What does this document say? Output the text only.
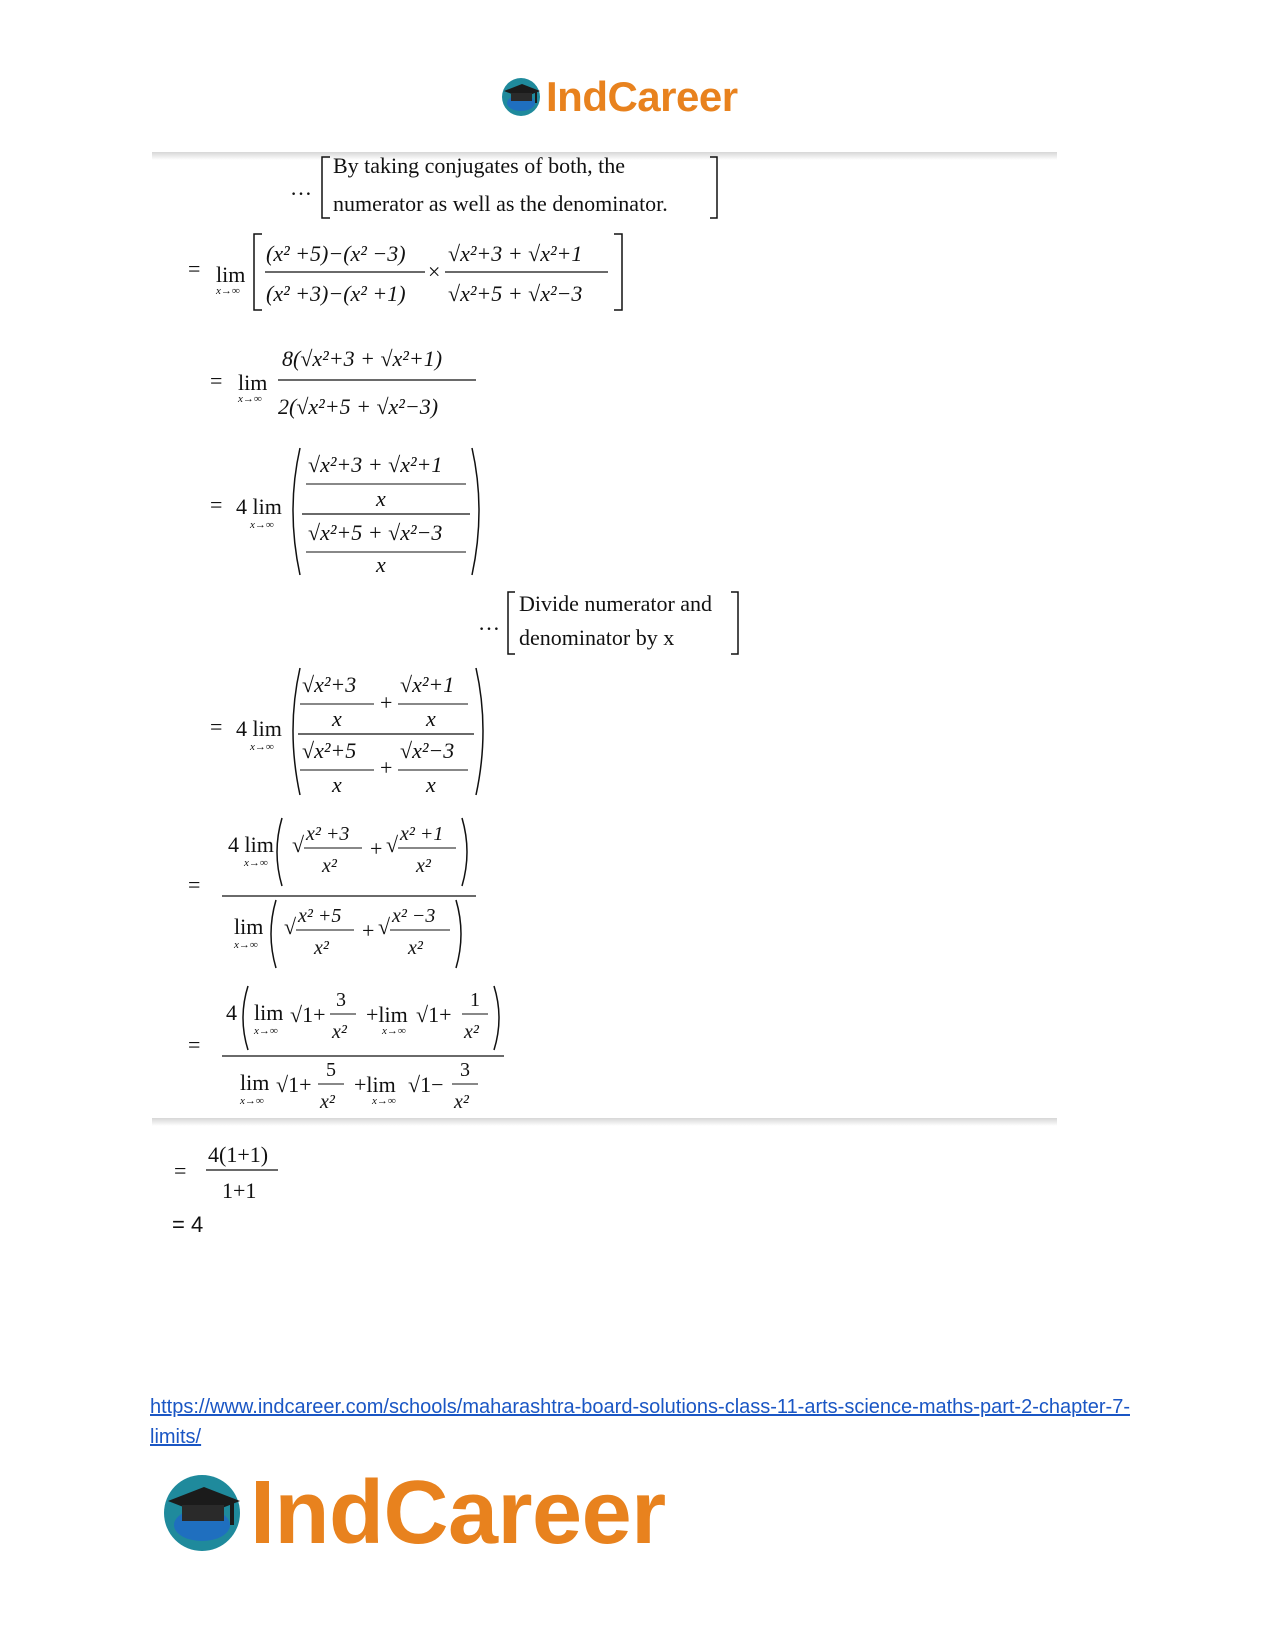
IndCareer
…
By taking conjugates of both, the
numerator as well as the denominator.
= lim
x→∞
(x² +5)−(x² −3)
(x² +3)−(x² +1)
×
√x²+3 + √x²+1
√x²+5 + √x²−3
= lim
x→∞
8(√x²+3 + √x²+1)
2(√x²+5 + √x²−3)
= 4 lim
x→∞
√x²+3 + √x²+1
x
√x²+5 + √x²−3
x
…
Divide numerator and
denominator by x
= 4 lim
x→∞
√x²+3
x
+
√x²+1
x
√x²+5
x
+
√x²−3
x
=
4 lim
x→∞
√ x² +3
x²
+ √ x² +1
x²
lim
x→∞
√ x² +5
x²
+ √ x² −3
x²
=
4 lim
x→∞
√1+
3
x²
+lim
x→∞
√1+
1
x²
lim
x→∞
√1+
5
x²
+lim
x→∞
√1−
3
x²
=
4(1+1)
1+1
= 4
https://www.indcareer.com/schools/maharashtra-board-solutions-class-11-arts-science-maths-part-2-chapter-7-limits/
IndCareer
